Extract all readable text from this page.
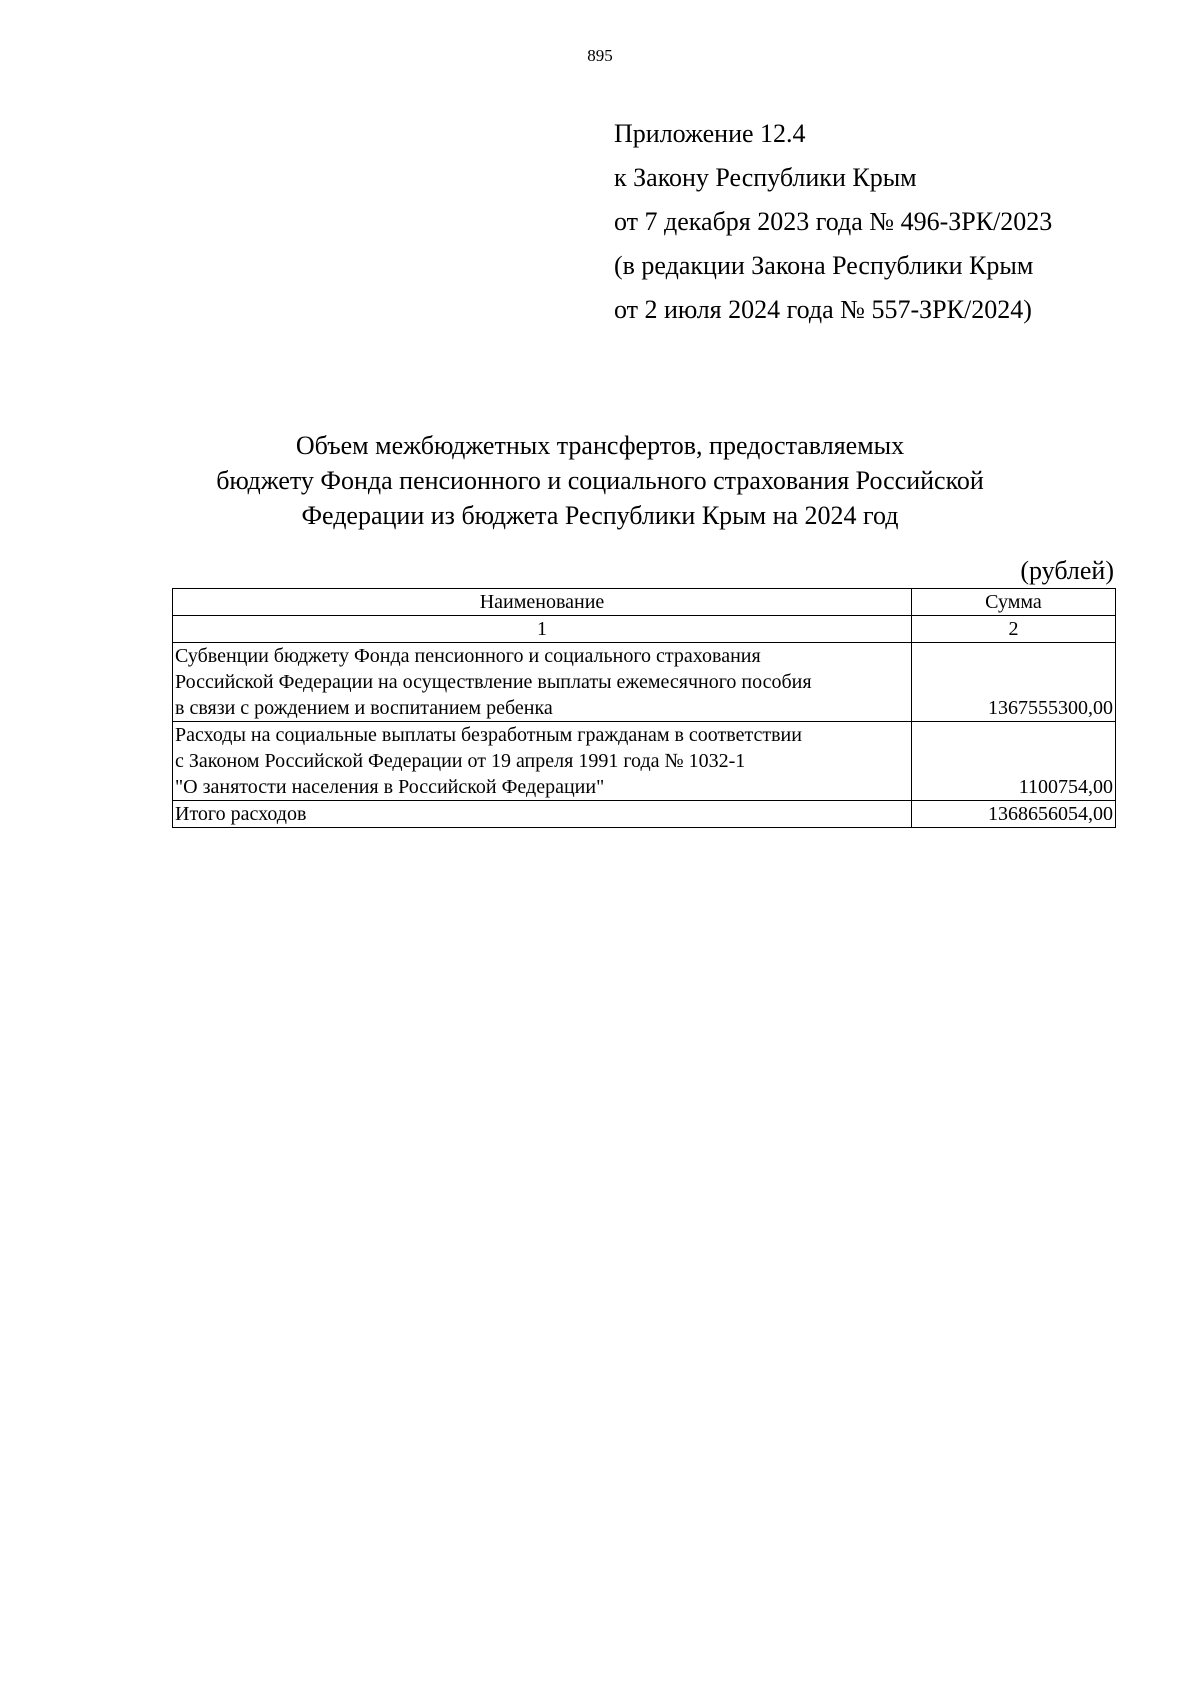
895
Приложение 12.4
к Закону Республики Крым
от 7 декабря 2023 года № 496-ЗРК/2023
(в редакции Закона Республики Крым
от 2 июля 2024 года № 557-ЗРК/2024)
Объем межбюджетных трансфертов, предоставляемых
бюджету Фонда пенсионного и социального страхования Российской
Федерации из бюджета Республики Крым на 2024 год
(рублей)
Наименование	Сумма
1	2

Субвенции бюджету Фонда пенсионного и социального страхования
Российской Федерации на осуществление выплаты ежемесячного пособия
в связи с рождением и воспитанием ребенка	1367555300,00

Расходы на социальные выплаты безработным гражданам в соответствии
с Законом Российской Федерации от 19 апреля 1991 года № 1032-1
"О занятости населения в Российской Федерации"	1100754,00
Итого расходов	1368656054,00
